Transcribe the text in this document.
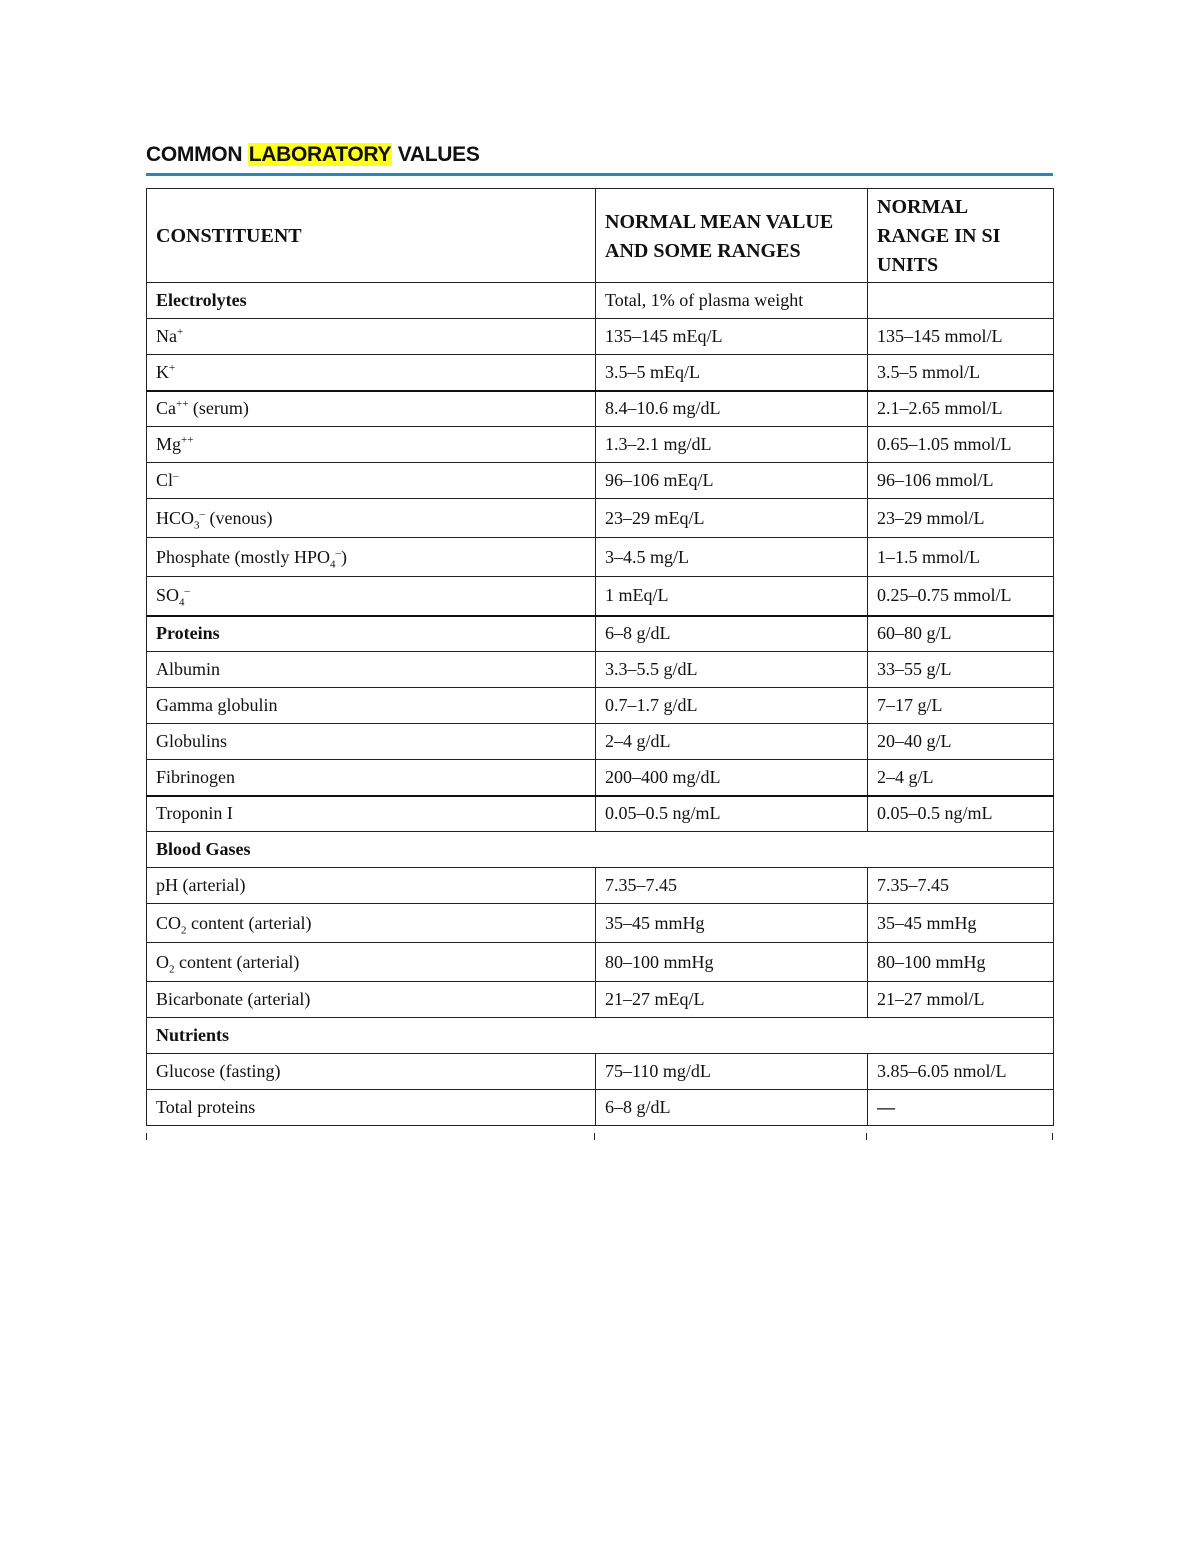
COMMON LABORATORY VALUES
CONSTITUENT	NORMAL MEAN VALUE AND SOME RANGES	NORMAL RANGE IN SI UNITS
Electrolytes	Total, 1% of plasma weight	
Na+	135–145 mEq/L	135–145 mmol/L
K+	3.5–5 mEq/L	3.5–5 mmol/L
Ca++ (serum)	8.4–10.6 mg/dL	2.1–2.65 mmol/L
Mg++	1.3–2.1 mg/dL	0.65–1.05 mmol/L
Cl–	96–106 mEq/L	96–106 mmol/L
$HCO_3^-$ (venous)	23–29 mEq/L	23–29 mmol/L
Phosphate (mostly $HPO_4^-$)	3–4.5 mg/L	1–1.5 mmol/L
$SO_4^-$	1 mEq/L	0.25–0.75 mmol/L
Proteins	6–8 g/dL	60–80 g/L
Albumin	3.3–5.5 g/dL	33–55 g/L
Gamma globulin	0.7–1.7 g/dL	7–17 g/L
Globulins	2–4 g/dL	20–40 g/L
Fibrinogen	200–400 mg/dL	2–4 g/L
Troponin I	0.05–0.5 ng/mL	0.05–0.5 ng/mL
Blood Gases		
pH (arterial)	7.35–7.45	7.35–7.45
$CO_2$ content (arterial)	35–45 mmHg	35–45 mmHg
$O_2$ content (arterial)	80–100 mmHg	80–100 mmHg
Bicarbonate (arterial)	21–27 mEq/L	21–27 mmol/L
Nutrients		
Glucose (fasting)	75–110 mg/dL	3.85–6.05 nmol/L
Total proteins	6–8 g/dL	—
